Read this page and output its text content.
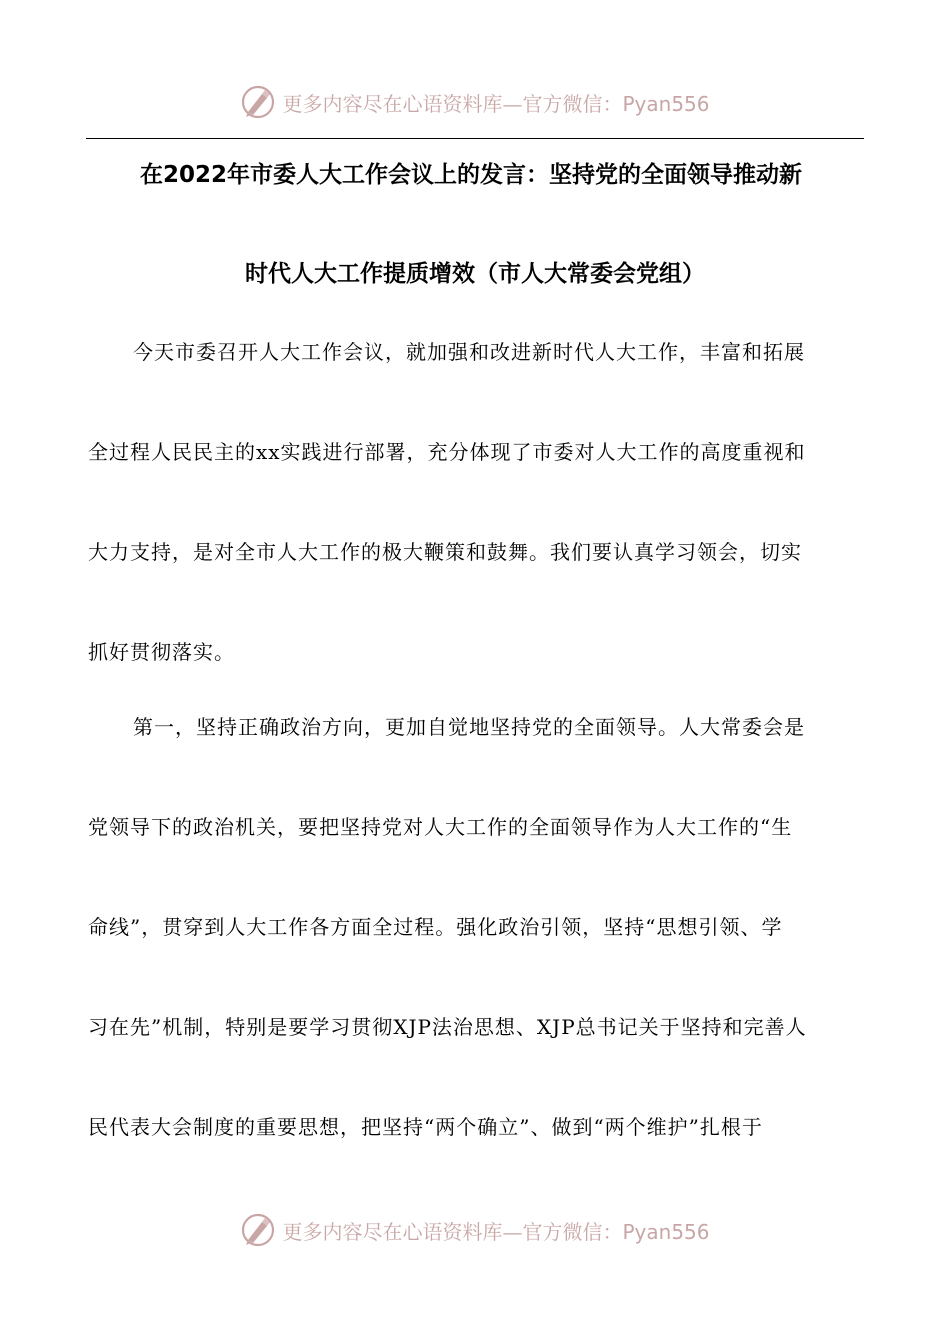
更多内容尽在心语资料库—官方微信：Pyan556
在2022年市委人大工作会议上的发言：坚持党的全面领导推动新
时代人大工作提质增效（市人大常委会党组）
今天市委召开人大工作会议，就加强和改进新时代人大工作，丰富和拓展
全过程人民民主的xx实践进行部署，充分体现了市委对人大工作的高度重视和
大力支持，是对全市人大工作的极大鞭策和鼓舞。我们要认真学习领会，切实
抓好贯彻落实。
第一，坚持正确政治方向，更加自觉地坚持党的全面领导。人大常委会是
党领导下的政治机关，要把坚持党对人大工作的全面领导作为人大工作的“生
命线”，贯穿到人大工作各方面全过程。强化政治引领，坚持“思想引领、学
习在先”机制，特别是要学习贯彻XJP法治思想、XJP总书记关于坚持和完善人
民代表大会制度的重要思想，把坚持“两个确立”、做到“两个维护”扎根于
更多内容尽在心语资料库—官方微信：Pyan556
